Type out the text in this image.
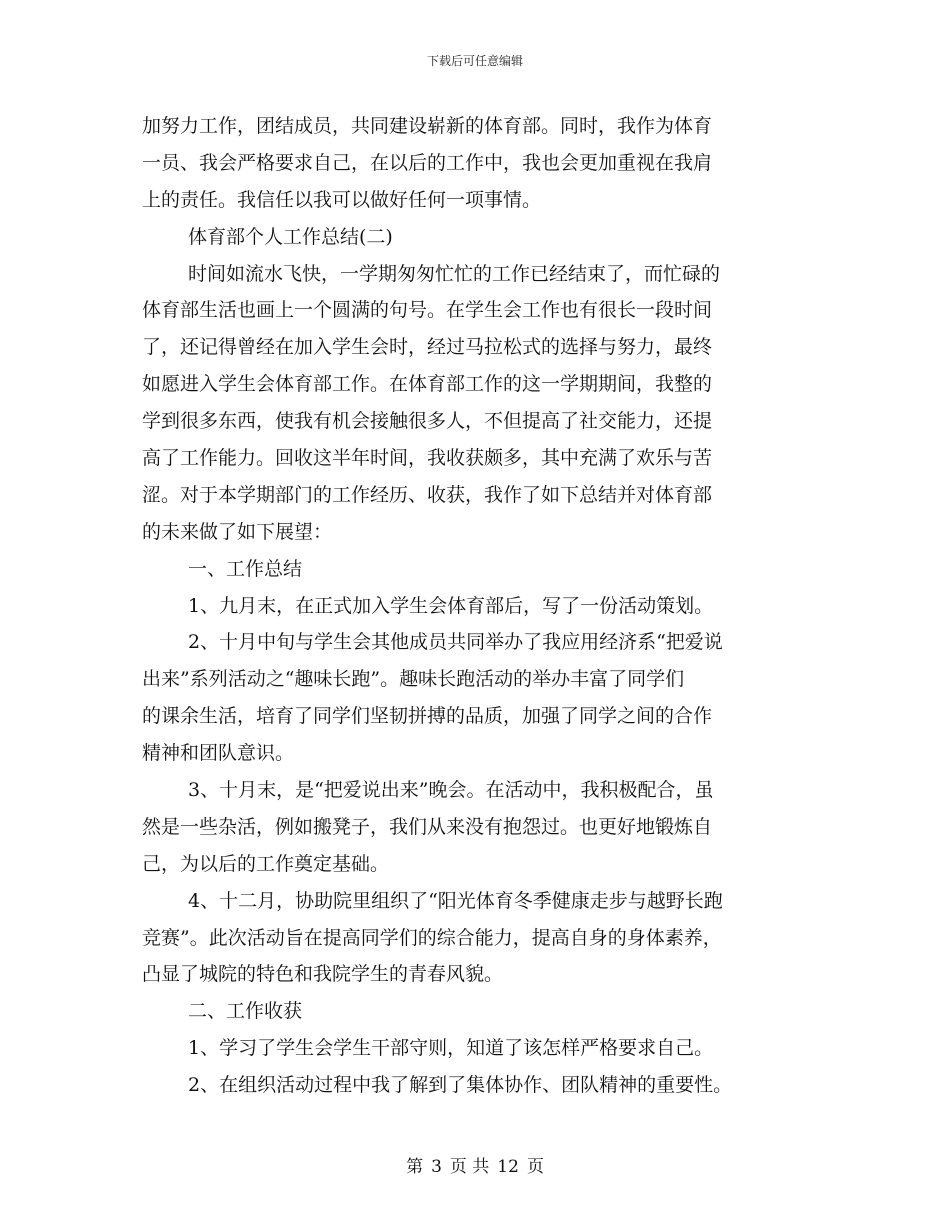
下载后可任意编辑
加努力工作，团结成员，共同建设崭新的体育部。同时，我作为体育
一员、我会严格要求自己，在以后的工作中，我也会更加重视在我肩
上的责任。我信任以我可以做好任何一项事情。
体育部个人工作总结(二)
时间如流水飞快，一学期匆匆忙忙的工作已经结束了，而忙碌的
体育部生活也画上一个圆满的句号。在学生会工作也有很长一段时间
了，还记得曾经在加入学生会时，经过马拉松式的选择与努力，最终
如愿进入学生会体育部工作。在体育部工作的这一学期期间，我整的
学到很多东西，使我有机会接触很多人，不但提高了社交能力，还提
高了工作能力。回收这半年时间，我收获颇多，其中充满了欢乐与苦
涩。对于本学期部门的工作经历、收获，我作了如下总结并对体育部
的未来做了如下展望：
一、工作总结
1、九月末，在正式加入学生会体育部后，写了一份活动策划。
2、十月中旬与学生会其他成员共同举办了我应用经济系“把爱说
出来”系列活动之“趣味长跑”。趣味长跑活动的举办丰富了同学们
的课余生活，培育了同学们坚韧拼搏的品质，加强了同学之间的合作
精神和团队意识。
3、十月末，是“把爱说出来”晚会。在活动中，我积极配合，虽
然是一些杂活，例如搬凳子，我们从来没有抱怨过。也更好地锻炼自
己，为以后的工作奠定基础。
4、十二月，协助院里组织了“阳光体育冬季健康走步与越野长跑
竞赛”。此次活动旨在提高同学们的综合能力，提高自身的身体素养，
凸显了城院的特色和我院学生的青春风貌。
二、工作收获
1、学习了学生会学生干部守则，知道了该怎样严格要求自己。
2、在组织活动过程中我了解到了集体协作、团队精神的重要性。
第 3 页 共 12 页
